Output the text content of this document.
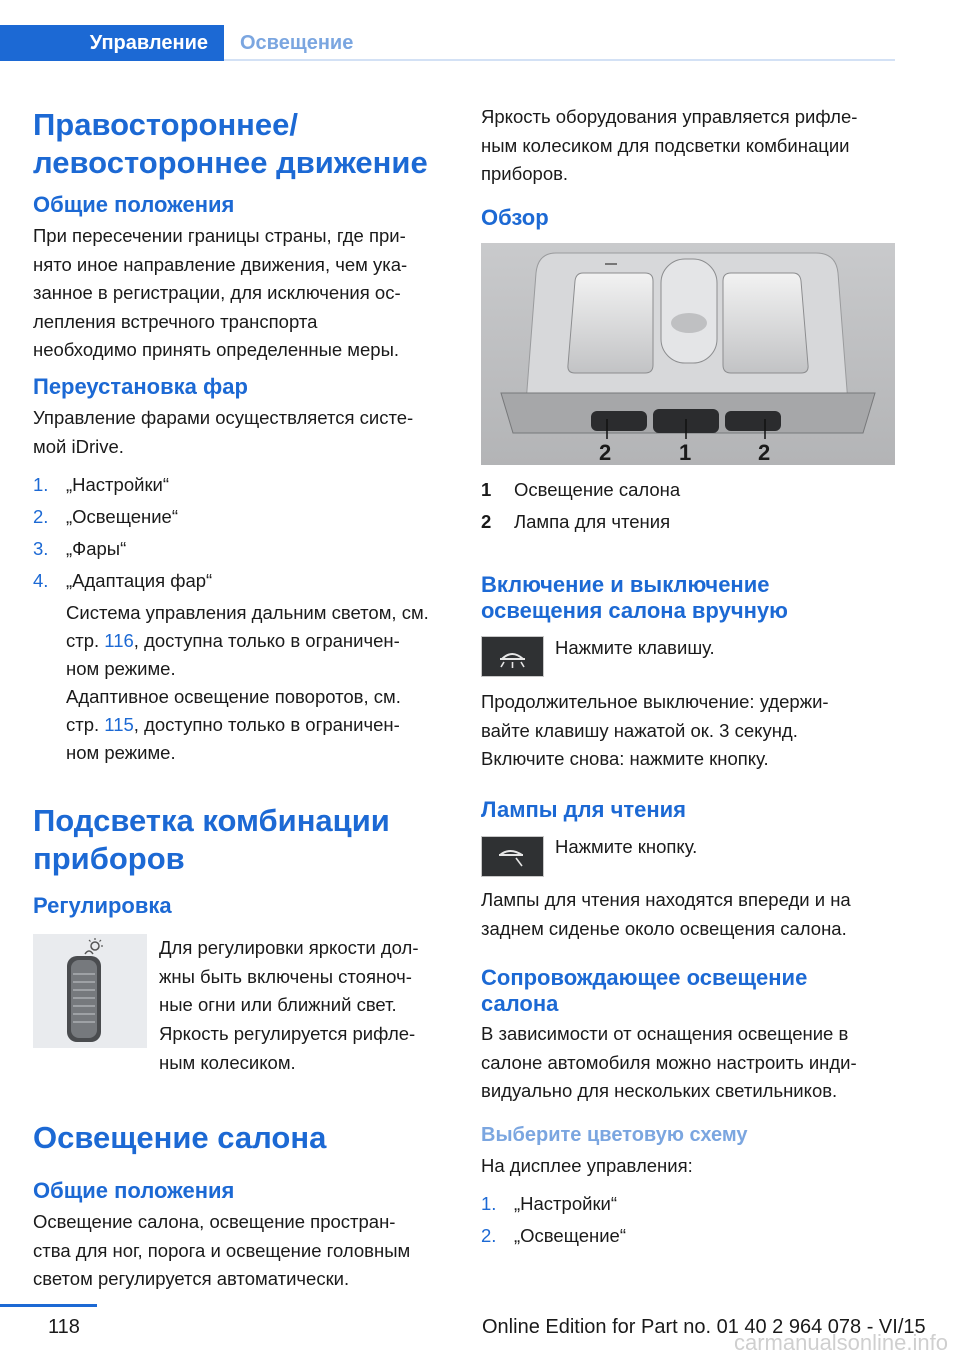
Управление	Освещение
Правостороннее/
левостороннее движение
Общие положения

При пересечении границы страны, где при-
нято иное направление движения, чем ука-
занное в регистрации, для исключения ос-
лепления встречного транспорта
необходимо принять определенные меры.

Переустановка фар

Управление фарами осуществляется систе-
мой iDrive.

1. „Настройки“
2. „Освещение“
3. „Фары“
4. „Адаптация фар“
Система управления дальним светом, см.
стр. 116, доступна только в ограничен-
ном режиме.
Адаптивное освещение поворотов, см.
стр. 115, доступно только в ограничен-
ном режиме.
Подсветка комбинации
приборов
Регулировка

Для регулировки яркости дол-
жны быть включены стояноч-
ные огни или ближний свет.

Яркость регулируется рифле-
ным колесиком.

Освещение салона
Общие положения

Освещение салона, освещение простран-
ства для ног, порога и освещение головным
светом регулируется автоматически.

Яркость оборудования управляется рифле-
ным колесиком для подсветки комбинации
приборов.

Обзор
2	1	2
1 Освещение салона
2 Лампа для чтения
Включение и выключение
освещения салона вручную

Нажмите клавишу.

Продолжительное выключение: удержи-
вайте клавишу нажатой ок. 3 секунд.

Включите снова: нажмите кнопку.

Лампы для чтения

Нажмите кнопку.

Лампы для чтения находятся впереди и на
заднем сиденье около освещения салона.

Сопровождающее освещение
салона

В зависимости от оснащения освещение в
салоне автомобиля можно настроить инди-
видуально для нескольких светильников.

Выберите цветовую схему

На дисплее управления:

1. „Настройки“
2. „Освещение“
118	Online Edition for Part no. 01 40 2 964 078 - VI/15
carmanualsonline.info
